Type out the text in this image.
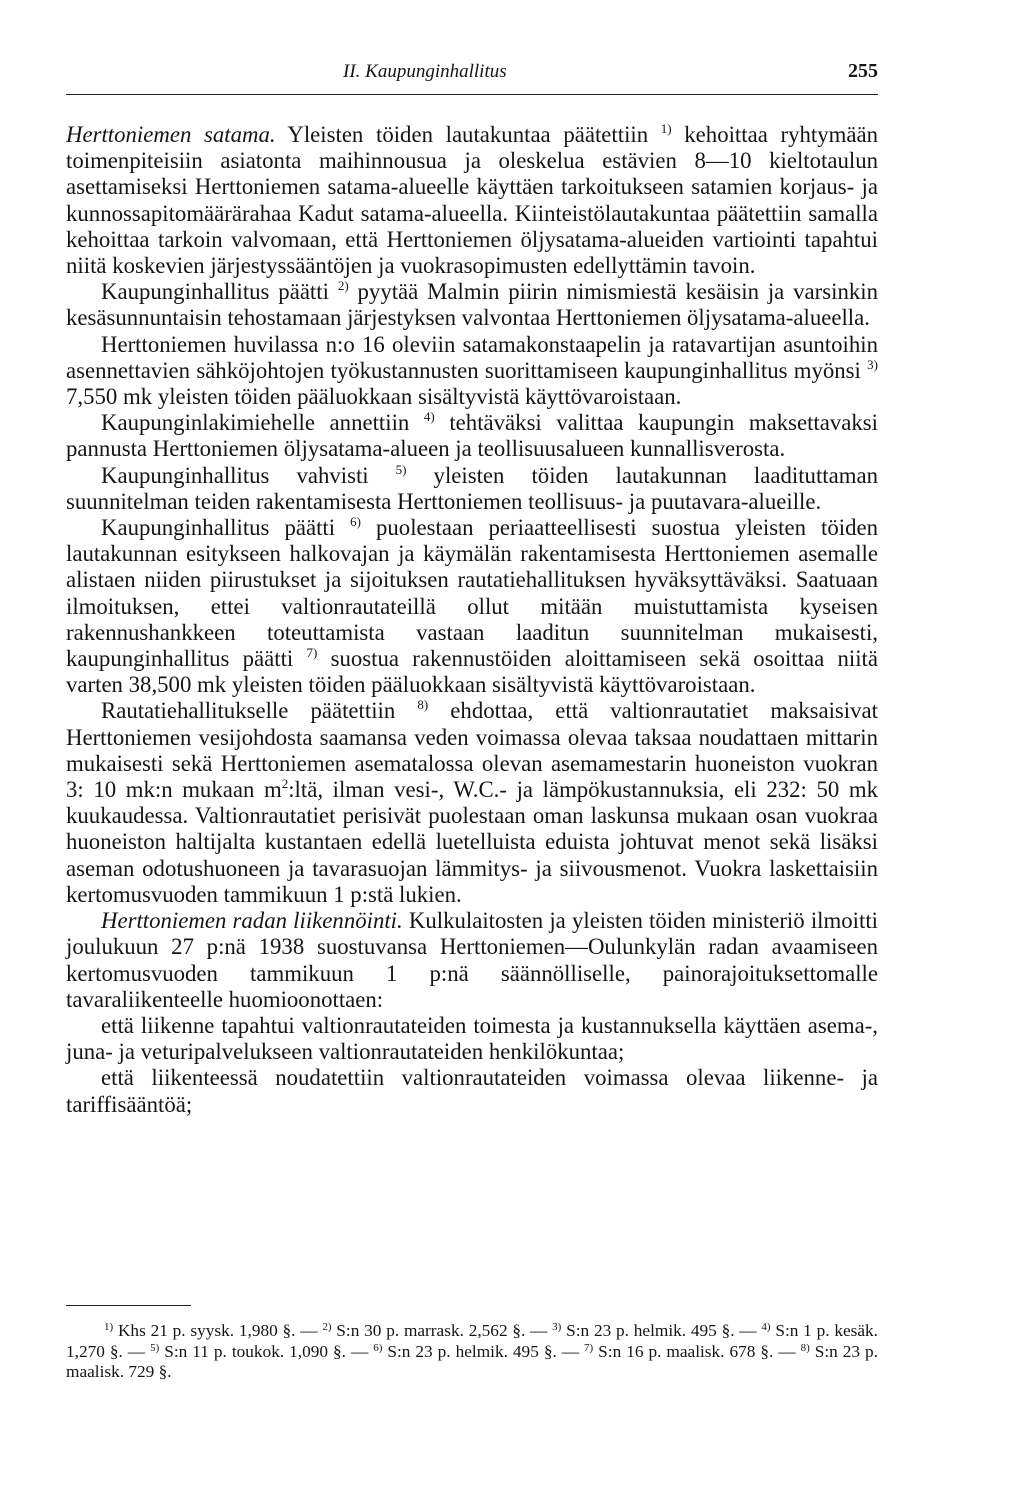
II. Kaupunginhallitus	255

Herttoniemen satama. Yleisten töiden lautakuntaa päätettiin $^{1)}$ kehoittaa ryhtymään toimenpiteisiin asiatonta maihinnousua ja oleskelua estävien 8—10 kieltotaulun asettamiseksi Herttoniemen satama-alueelle käyttäen tarkoitukseen satamien korjaus- ja kunnossapitomäärärahaa Kadut satama-alueella. Kiinteistölautakuntaa päätettiin samalla kehoittaa tarkoin valvomaan, että Herttoniemen öljysatama-alueiden vartiointi tapahtui niitä koskevien järjestyssääntöjen ja vuokrasopimusten edellyttämin tavoin.

Kaupunginhallitus päätti $^{2)}$ pyytää Malmin piirin nimismiestä kesäisin ja varsinkin kesäsunnuntaisin tehostamaan järjestyksen valvontaa Herttoniemen öljysatama-alueella.

Herttoniemen huvilassa n:o 16 oleviin satamakonstaapelin ja ratavartijan asuntoihin asennettavien sähköjohtojen työkustannusten suorittamiseen kaupunginhallitus myönsi $^{3)}$ 7,550 mk yleisten töiden pääluokkaan sisältyvistä käyttövaroistaan.

Kaupunginlakimiehelle annettiin $^{4)}$ tehtäväksi valittaa kaupungin maksettavaksi pannusta Herttoniemen öljysatama-alueen ja teollisuusalueen kunnallisverosta.

Kaupunginhallitus vahvisti $^{5)}$ yleisten töiden lautakunnan laadituttaman suunnitelman teiden rakentamisesta Herttoniemen teollisuus- ja puutavara-alueille.

Kaupunginhallitus päätti $^{6)}$ puolestaan periaatteellisesti suostua yleisten töiden lautakunnan esitykseen halkovajan ja käymälän rakentamisesta Herttoniemen asemalle alistaen niiden piirustukset ja sijoituksen rautatiehallituksen hyväksyttäväksi. Saatuaan ilmoituksen, ettei valtionrautateillä ollut mitään muistuttamista kyseisen rakennushankkeen toteuttamista vastaan laaditun suunnitelman mukaisesti, kaupunginhallitus päätti $^{7)}$ suostua rakennustöiden aloittamiseen sekä osoittaa niitä varten 38,500 mk yleisten töiden pääluokkaan sisältyvistä käyttövaroistaan.

Rautatiehallitukselle päätettiin $^{8)}$ ehdottaa, että valtionrautatiet maksaisivat Herttoniemen vesijohdosta saamansa veden voimassa olevaa taksaa noudattaen mittarin mukaisesti sekä Herttoniemen asematalossa olevan asemamestarin huoneiston vuokran 3: 10 mk:n mukaan m$^2$:ltä, ilman vesi-, W.C.- ja lämpökustannuksia, eli 232: 50 mk kuukaudessa. Valtionrautatiet perisivät puolestaan oman laskunsa mukaan osan vuokraa huoneiston haltijalta kustantaen edellä luetelluista eduista johtuvat menot sekä lisäksi aseman odotushuoneen ja tavarasuojan lämmitys- ja siivousmenot. Vuokra laskettaisiin kertomusvuoden tammikuun 1 p:stä lukien.

Herttoniemen radan liikennöinti. Kulkulaitosten ja yleisten töiden ministeriö ilmoitti joulukuun 27 p:nä 1938 suostuvansa Herttoniemen—Oulunkylän radan avaamiseen kertomusvuoden tammikuun 1 p:nä säännölliselle, painorajoituksettomalle tavaraliikenteelle huomioonottaen:

että liikenne tapahtui valtionrautateiden toimesta ja kustannuksella käyttäen asema-, juna- ja veturipalvelukseen valtionrautateiden henkilökuntaa;

että liikenteessä noudatettiin valtionrautateiden voimassa olevaa liikenne- ja tariffisääntöä;

$^{1)}$ Khs 21 p. syysk. 1,980 §. — $^{2)}$ S:n 30 p. marrask. 2,562 §. — $^{3)}$ S:n 23 p. helmik. 495 §. — $^{4)}$ S:n 1 p. kesäk. 1,270 §. — $^{5)}$ S:n 11 p. toukok. 1,090 §. — $^{6)}$ S:n 23 p. helmik. 495 §. — $^{7)}$ S:n 16 p. maalisk. 678 §. — $^{8)}$ S:n 23 p. maalisk. 729 §.
